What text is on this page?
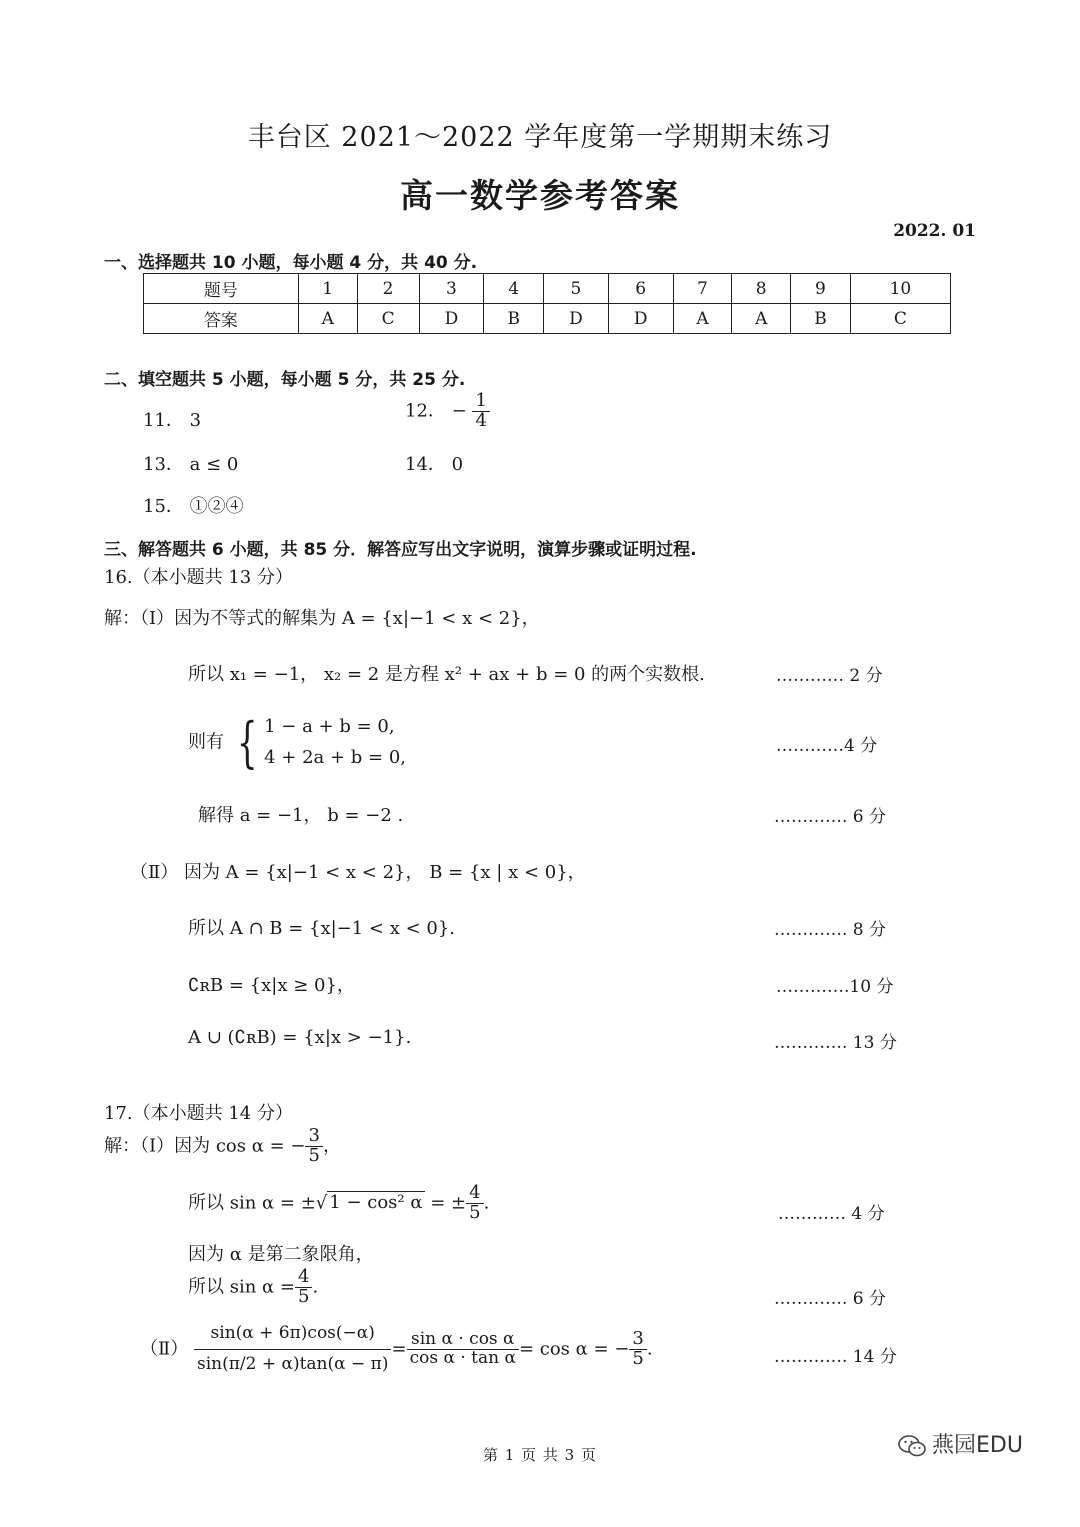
丰台区 2021～2022 学年度第一学期期末练习
高一数学参考答案
2022. 01
一、选择题共 10 小题，每小题 4 分，共 40 分.
题号	1	2	3	4	5	6	7	8	9	10
答案	A	C	D	B	D	D	A	A	B	C
二、填空题共 5 小题，每小题 5 分，共 25 分.
11． 3	12． − $\frac{1}{4}$
13． a ≤ 0	14． 0
15． ①②④
三、解答题共 6 小题，共 85 分．解答应写出文字说明，演算步骤或证明过程.
16.（本小题共 13 分）
解：（Ⅰ）因为不等式的解集为 A = {x|−1 < x < 2}，
所以 x₁ = −1， x₂ = 2 是方程 x² + ax + b = 0 的两个实数根.	………… 2 分
则有 { 1 − a + b = 0,
4 + 2a + b = 0,
…………4 分
解得 a = −1， b = −2 .	…………. 6 分
（Ⅱ） 因为 A = {x|−1 < x < 2}， B = {x | x < 0}，
所以 A ∩ B = {x|−1 < x < 0}.	…………. 8 分
∁ʀB = {x|x ≥ 0}，	………….10 分
A ∪ (∁ʀB) = {x|x > −1}.	…………. 13 分
17.（本小题共 14 分）
解：（Ⅰ）因为 cos α = − $\frac{3}{5}$ ，
所以 sin α = ±√ 1 − cos² α = ± $\frac{4}{5}$ .
………… 4 分
因为 α 是第二象限角，
所以 $\sin \alpha = \frac{4}{5}$ .
…………. 6 分
（Ⅱ） $\frac{\sin(\alpha + 6\pi)\cos(-\alpha)}{\sin(\pi/2 + \alpha)\tan(\alpha - \pi)} = \frac{\text{sin α · cos α}}{\text{cos α · tan α}} = \cos \alpha$ = − $\frac{3}{5}$ .	…………. 14 分
第 1 页 共 3 页	燕园EDU
